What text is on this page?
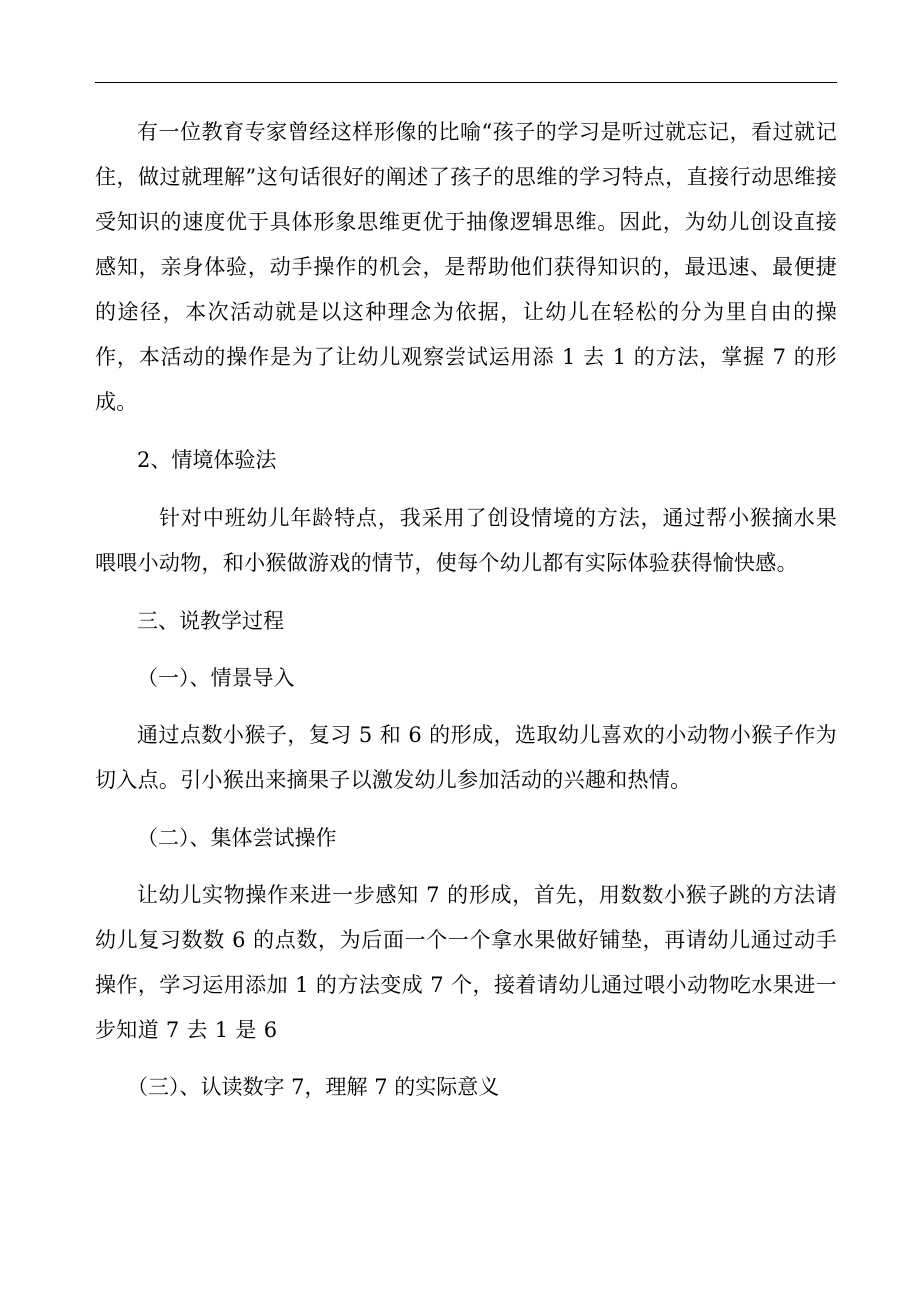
有一位教育专家曾经这样形像的比喻“孩子的学习是听过就忘记，看过就记住，做过就理解”这句话很好的阐述了孩子的思维的学习特点，直接行动思维接受知识的速度优于具体形象思维更优于抽像逻辑思维。因此，为幼儿创设直接感知，亲身体验，动手操作的机会，是帮助他们获得知识的，最迅速、最便捷的途径，本次活动就是以这种理念为依据，让幼儿在轻松的分为里自由的操作，本活动的操作是为了让幼儿观察尝试运用添 1 去 1 的方法，掌握 7 的形成。

2、情境体验法

针对中班幼儿年龄特点，我采用了创设情境的方法，通过帮小猴摘水果喂喂小动物，和小猴做游戏的情节，使每个幼儿都有实际体验获得愉快感。

三、说教学过程

（一）、情景导入

通过点数小猴子，复习 5 和 6 的形成，选取幼儿喜欢的小动物小猴子作为切入点。引小猴出来摘果子以激发幼儿参加活动的兴趣和热情。

（二）、集体尝试操作

让幼儿实物操作来进一步感知 7 的形成，首先，用数数小猴子跳的方法请幼儿复习数数 6 的点数，为后面一个一个拿水果做好铺垫，再请幼儿通过动手操作，学习运用添加 1 的方法变成 7 个，接着请幼儿通过喂小动物吃水果进一步知道 7 去 1 是 6

（三）、认读数字 7，理解 7 的实际意义
